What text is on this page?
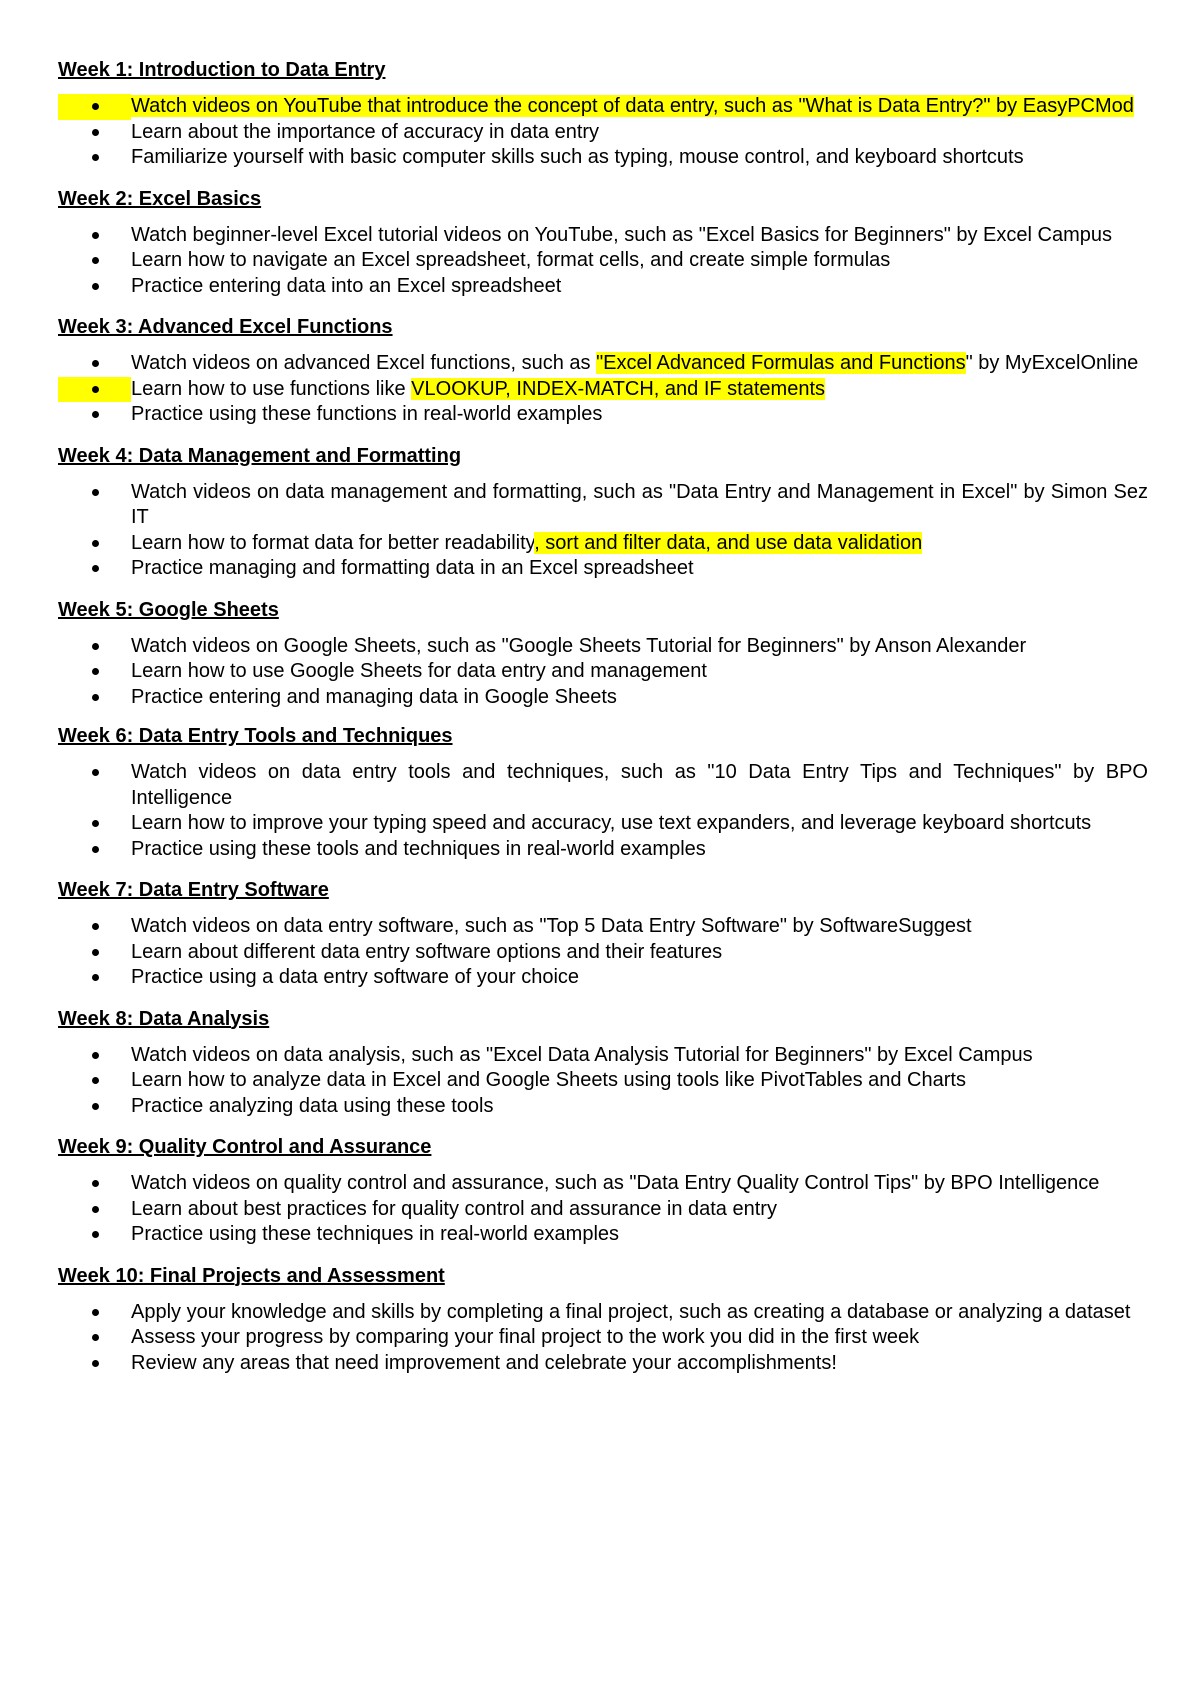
Week 1: Introduction to Data Entry
Watch videos on YouTube that introduce the concept of data entry, such as "What is Data Entry?" by EasyPCMod
Learn about the importance of accuracy in data entry
Familiarize yourself with basic computer skills such as typing, mouse control, and keyboard shortcuts
Week 2: Excel Basics
Watch beginner-level Excel tutorial videos on YouTube, such as "Excel Basics for Beginners" by Excel Campus
Learn how to navigate an Excel spreadsheet, format cells, and create simple formulas
Practice entering data into an Excel spreadsheet
Week 3: Advanced Excel Functions
Watch videos on advanced Excel functions, such as "Excel Advanced Formulas and Functions" by MyExcelOnline
Learn how to use functions like VLOOKUP, INDEX-MATCH, and IF statements
Practice using these functions in real-world examples
Week 4: Data Management and Formatting
Watch videos on data management and formatting, such as "Data Entry and Management in Excel" by Simon Sez IT
Learn how to format data for better readability, sort and filter data, and use data validation
Practice managing and formatting data in an Excel spreadsheet
Week 5: Google Sheets
Watch videos on Google Sheets, such as "Google Sheets Tutorial for Beginners" by Anson Alexander
Learn how to use Google Sheets for data entry and management
Practice entering and managing data in Google Sheets
Week 6: Data Entry Tools and Techniques
Watch videos on data entry tools and techniques, such as "10 Data Entry Tips and Techniques" by BPO Intelligence
Learn how to improve your typing speed and accuracy, use text expanders, and leverage keyboard shortcuts
Practice using these tools and techniques in real-world examples
Week 7: Data Entry Software
Watch videos on data entry software, such as "Top 5 Data Entry Software" by SoftwareSuggest
Learn about different data entry software options and their features
Practice using a data entry software of your choice
Week 8: Data Analysis
Watch videos on data analysis, such as "Excel Data Analysis Tutorial for Beginners" by Excel Campus
Learn how to analyze data in Excel and Google Sheets using tools like PivotTables and Charts
Practice analyzing data using these tools
Week 9: Quality Control and Assurance
Watch videos on quality control and assurance, such as "Data Entry Quality Control Tips" by BPO Intelligence
Learn about best practices for quality control and assurance in data entry
Practice using these techniques in real-world examples
Week 10: Final Projects and Assessment
Apply your knowledge and skills by completing a final project, such as creating a database or analyzing a dataset
Assess your progress by comparing your final project to the work you did in the first week
Review any areas that need improvement and celebrate your accomplishments!
